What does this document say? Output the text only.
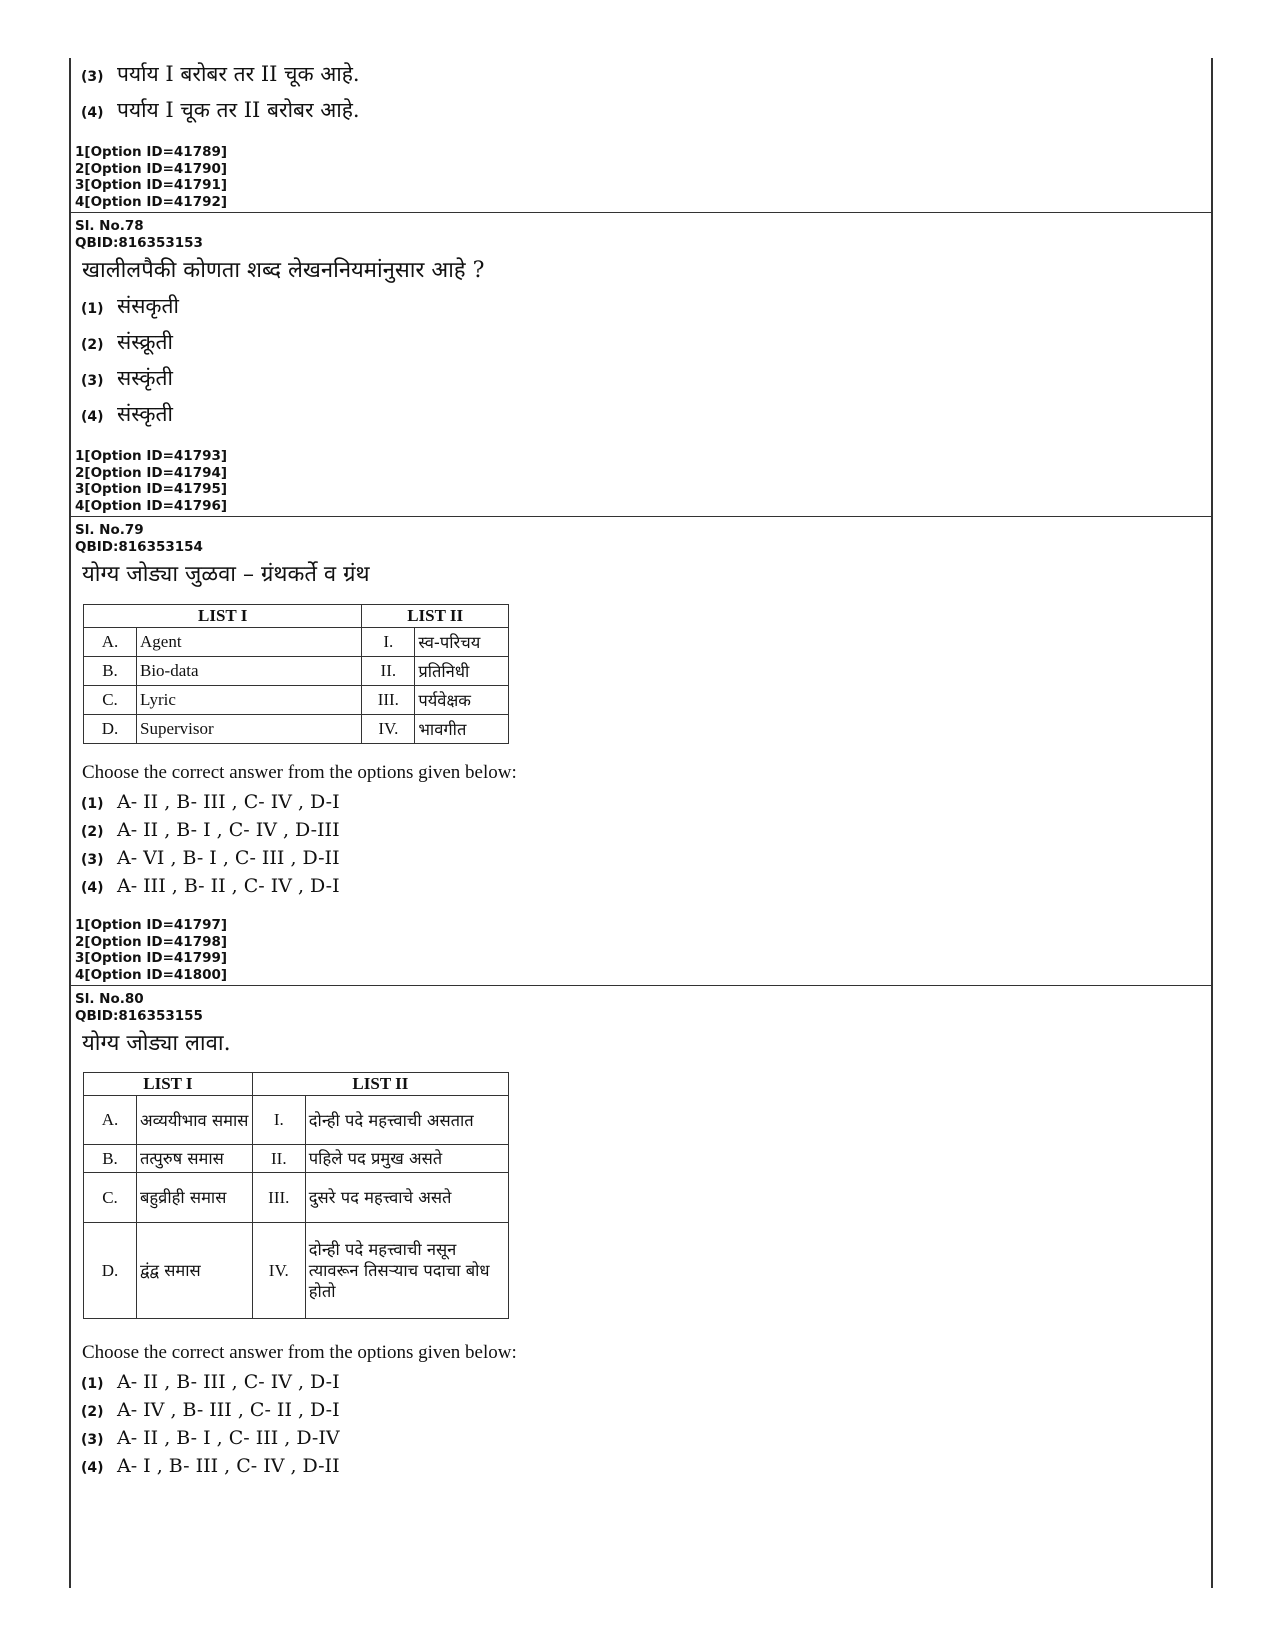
(3) पर्याय I बरोबर तर II चूक आहे.
(4) पर्याय I चूक तर II बरोबर आहे.
1[Option ID=41789]
2[Option ID=41790]
3[Option ID=41791]
4[Option ID=41792]
Sl. No.78
QBID:816353153
खालीलपैकी कोणता शब्द लेखननियमांनुसार आहे ?
(1) संसकृती
(2) संस्क्रूती
(3) सस्कृंती
(4) संस्कृती
1[Option ID=41793]
2[Option ID=41794]
3[Option ID=41795]
4[Option ID=41796]
Sl. No.79
QBID:816353154
योग्य जोड्या जुळवा – ग्रंथकर्ते व ग्रंथ
LIST I		LIST II	
A.	Agent	I.	स्व-परिचय
B.	Bio-data	II.	प्रतिनिधी
C.	Lyric	III.	पर्यवेक्षक
D.	Supervisor	IV.	भावगीत
Choose the correct answer from the options given below:
(1) A- II , B- III , C- IV , D-I
(2) A- II , B- I , C- IV , D-III
(3) A- VI , B- I , C- III , D-II
(4) A- III , B- II , C- IV , D-I
1[Option ID=41797]
2[Option ID=41798]
3[Option ID=41799]
4[Option ID=41800]
Sl. No.80
QBID:816353155
योग्य जोड्या लावा.
LIST I		LIST II	
A.	अव्ययीभाव समास	I.	दोन्ही पदे महत्त्वाची असतात
B.	तत्पुरुष समास	II.	पहिले पद प्रमुख असते
C.	बहुव्रीही समास	III.	दुसरे पद महत्त्वाचे असते
D.	द्वंद्व समास	IV.	दोन्ही पदे महत्त्वाची नसून त्यावरून तिसऱ्याच पदाचा बोध होतो
Choose the correct answer from the options given below:
(1) A- II , B- III , C- IV , D-I
(2) A- IV , B- III , C- II , D-I
(3) A- II , B- I , C- III , D-IV
(4) A- I , B- III , C- IV , D-II
